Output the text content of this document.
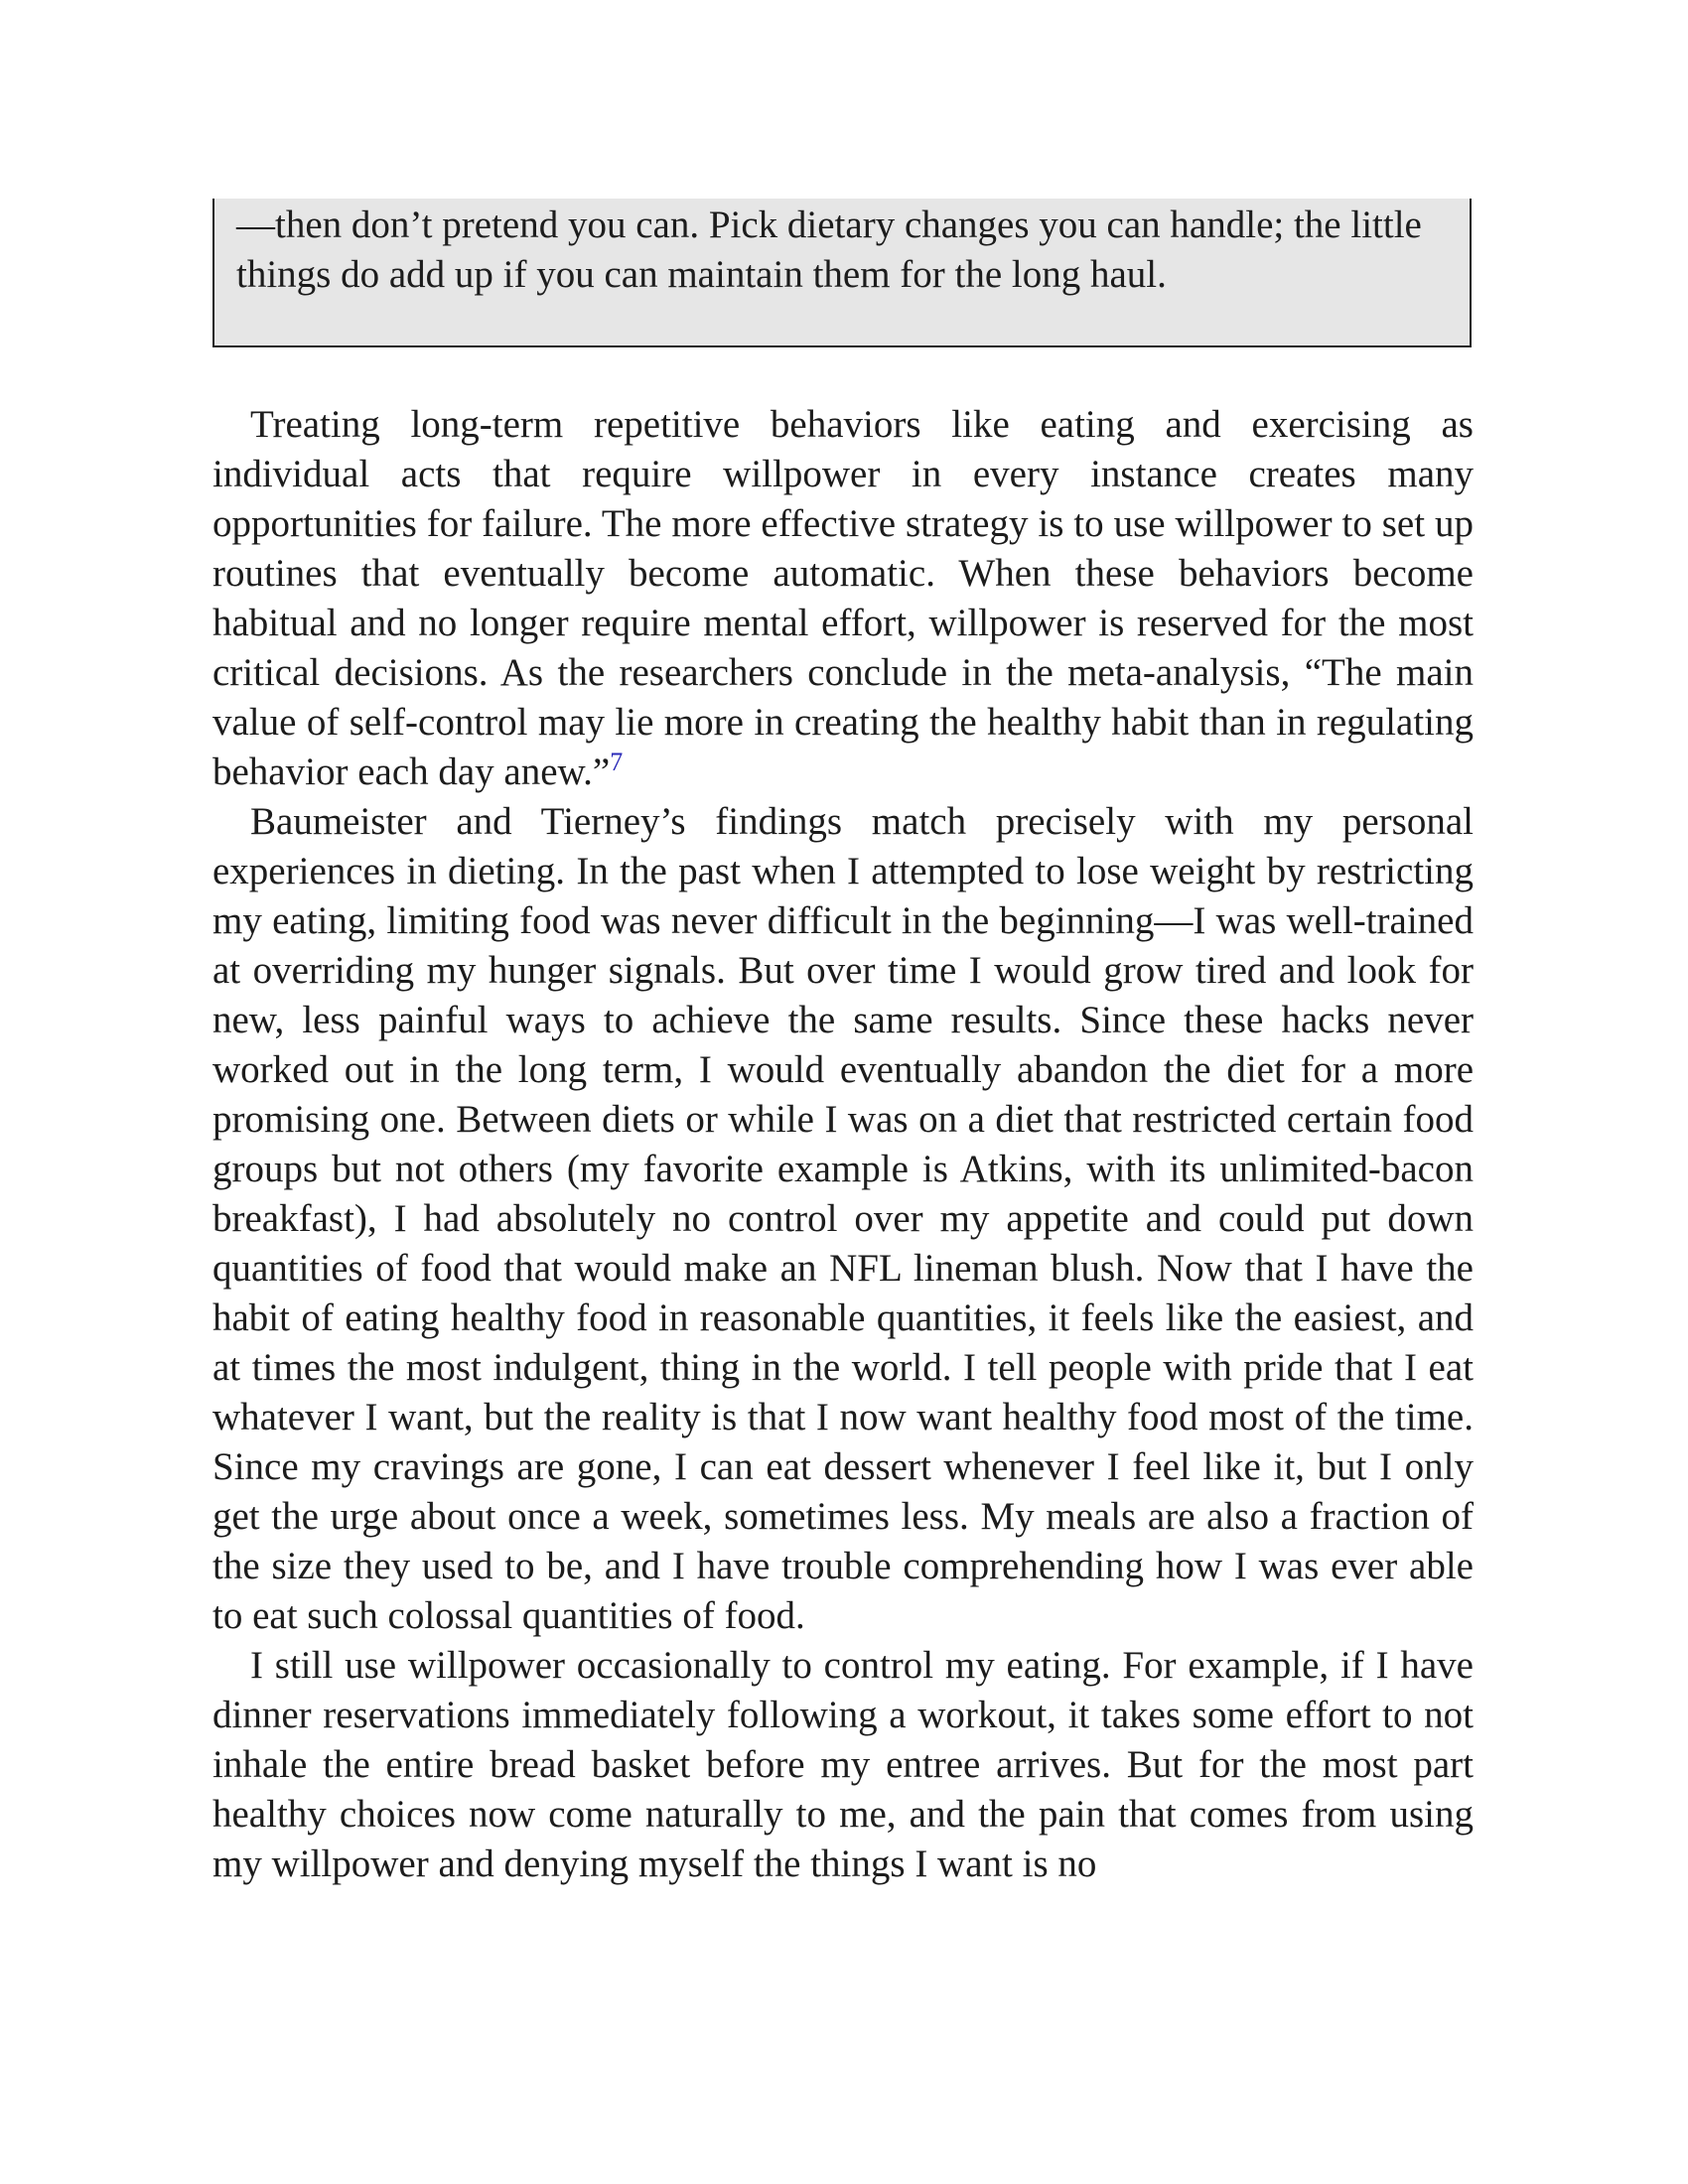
—then don’t pretend you can. Pick dietary changes you can handle; the little things do add up if you can maintain them for the long haul.

Treating long-term repetitive behaviors like eating and exercising as individual acts that require willpower in every instance creates many opportunities for failure. The more effective strategy is to use willpower to set up routines that eventually become automatic. When these behaviors become habitual and no longer require mental effort, willpower is reserved for the most critical decisions. As the researchers conclude in the meta-analysis, “The main value of self-control may lie more in creating the healthy habit than in regulating behavior each day anew.”$^7$

Baumeister and Tierney’s findings match precisely with my personal experiences in dieting. In the past when I attempted to lose weight by restricting my eating, limiting food was never difficult in the beginning—I was well-trained at overriding my hunger signals. But over time I would grow tired and look for new, less painful ways to achieve the same results. Since these hacks never worked out in the long term, I would eventually abandon the diet for a more promising one. Between diets or while I was on a diet that restricted certain food groups but not others (my favorite example is Atkins, with its unlimited-bacon breakfast), I had absolutely no control over my appetite and could put down quantities of food that would make an NFL lineman blush. Now that I have the habit of eating healthy food in reasonable quantities, it feels like the easiest, and at times the most indulgent, thing in the world. I tell people with pride that I eat whatever I want, but the reality is that I now want healthy food most of the time. Since my cravings are gone, I can eat dessert whenever I feel like it, but I only get the urge about once a week, sometimes less. My meals are also a fraction of the size they used to be, and I have trouble comprehending how I was ever able to eat such colossal quantities of food.

I still use willpower occasionally to control my eating. For example, if I have dinner reservations immediately following a workout, it takes some effort to not inhale the entire bread basket before my entree arrives. But for the most part healthy choices now come naturally to me, and the pain that comes from using my willpower and denying myself the things I want is no
